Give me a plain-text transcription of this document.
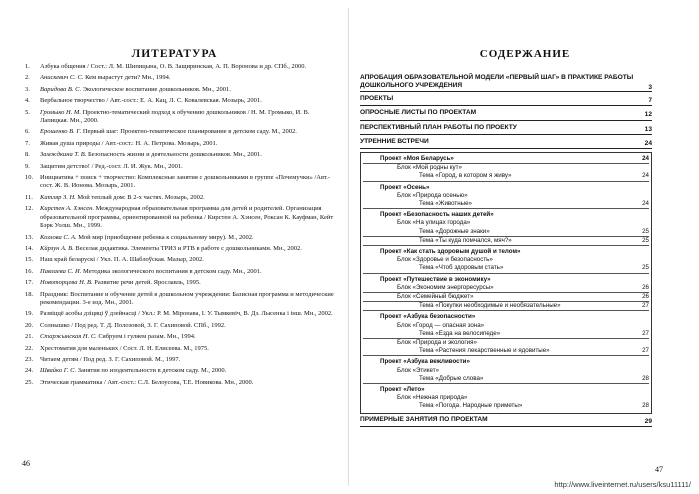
ЛИТЕРАТУРА
1. Азбука общения / Сост.: Л. М. Шипицына, О. В. Защиринская, А. П. Воронова и др. СПб., 2000.
2. Анискевич С. С. Кем вырастут дети? Мн., 1994.
3. Варидова В. С. Экологическое воспитание дошкольников. Мн., 2001.
4. Вербальное творчество / Авт.-сост.: Е. А. Кац, Л. С. Ковалевская. Мозырь, 2001.
5. Громыко Н. М. Проектно-тематический подход к обучению дошкольников / Н. М. Громыко, И. В. Лапицкая. Мн., 2000.
6. Ерошенко В. Г. Первый шаг: Проектно-тематическое планирование в детском саду. М., 2002.
7. Живая душа природы / Авт.-сост.: Н. А. Петрова. Мозырь, 2001.
8. Замждкина Т. В. Безопасность жизни и деятельности дошкольников. Мн., 2001.
9. Защитим детство! / Ред.-сост. Л. И. Жук. Мн., 2001.
10. Инициатива + поиск + творчество: Комплексные занятия с дошкольниками в группе «Почемучки» /Авт.-сост. Ж. В. Ионова. Мозырь, 2001.
11. Катляр З. Н. Мой теплый дом: В 2-х частях. Мозырь, 2002.
12. Кирстен А. Хэнсен. Международная образовательная программа для детей и родителей. Организация образовательной программы, ориентированной на ребенка / Кирстен А. Хэнсен, Роксан К. Кауфман, Кейт Бэрк Уолш. Мн., 1999.
13. Козлова С. А. Мой мир (приобщение ребенка к социальному миру). М., 2002.
14. Кйрзун А. В. Веселая дидактика. Элементы ТРИЗ и РТВ в работе с дошкольниками. Мн., 2002.
15. Наш край беларускi / Укл. П. А. Шаблоўская. Мазыр, 2002.
16. Павлаева С. И. Методика экологического воспитания в детском саду. Мн., 2001.
17. Новоторцева Н. В. Развитие речи детей. Ярославль, 1995.
18. Праздник: Воспитание и обучение детей в дошкольном учреждении: Базисная программа и методические рекомендации. 3-е изд. Мн., 2001.
19. Развіццё асобы дзіцяці ў дзейнасці / Укл.: Р. М. Мiронава, І. У. Тымкевіч, В. Дз. Лысенка і інш. Мн., 2002.
20. Солнышко / Под ред. Т. Д. Полозовой, З. Г. Сахиповой. СПб., 1992.
21. Старжынская Н. С. Сябруем і гуляем разам. Мн., 1994.
22. Хрестоматия для маленьких / Сост. Л. Н. Елисеева. М., 1975.
23. Читаем детям / Под ред. З. Г. Сахиповой. М., 1997.
24. Швайко Г. С. Занятия по изодеятельности в детском саду. М., 2000.
25. Этическая грамматика / Авт.-сост.: С.Л. Белоусова, Т.Е. Новикова. Мн., 2000.
46
СОДЕРЖАНИЕ
АПРОБАЦИЯ ОБРАЗОВАТЕЛЬНОЙ МОДЕЛИ «ПЕРВЫЙ ШАГ» В ПРАКТИКЕ РАБОТЫ ДОШКОЛЬНОГО УЧРЕЖДЕНИЯ	3
ПРОЕКТЫ	7
ОПРОСНЫЕ ЛИСТЫ ПО ПРОЕКТАМ	12
ПЕРСПЕКТИВНЫЙ ПЛАН РАБОТЫ ПО ПРОЕКТУ	13
УТРЕННИЕ ВСТРЕЧИ	24
Проект «Моя Беларусь»	24
Блок «Мой родны кут»
Тема «Город, в котором я живу»	24
Проект «Осень»
Блок «Природа осенью»
Тема «Животные»	24
Проект «Безопасность наших детей»
Блок «На улицах города»
Тема «Дорожные знаки»	25
Тема «Ты куда помчался, мяч?»	25
Проект «Как стать здоровым душой и телом»
Блок «Здоровье и безопасность»
Тема «Чтоб здоровым стать»	25
Проект «Путешествие в экономику»
Блок «Экономим энергоресурсы»	26
Блок «Семейный бюджет»	26
Тема «Покупки необходимые и необязательные»	27
Проект «Азбука безопасности»
Блок «Город — опасная зона»
Тема «Езда на велосипеде»	27
Блок «Природа и экология»
Тема «Растения лекарственные и ядовитые»	27
Проект «Азбука вежливости»
Блок «Этикет»
Тема «Добрые слова»	28
Проект «Лето»
Блок «Нежная природа»
Тема «Погода. Народные приметы»	28
ПРИМЕРНЫЕ ЗАНЯТИЯ ПО ПРОЕКТАМ	29
47
http://www.liveinternet.ru/users/ksu11111/
